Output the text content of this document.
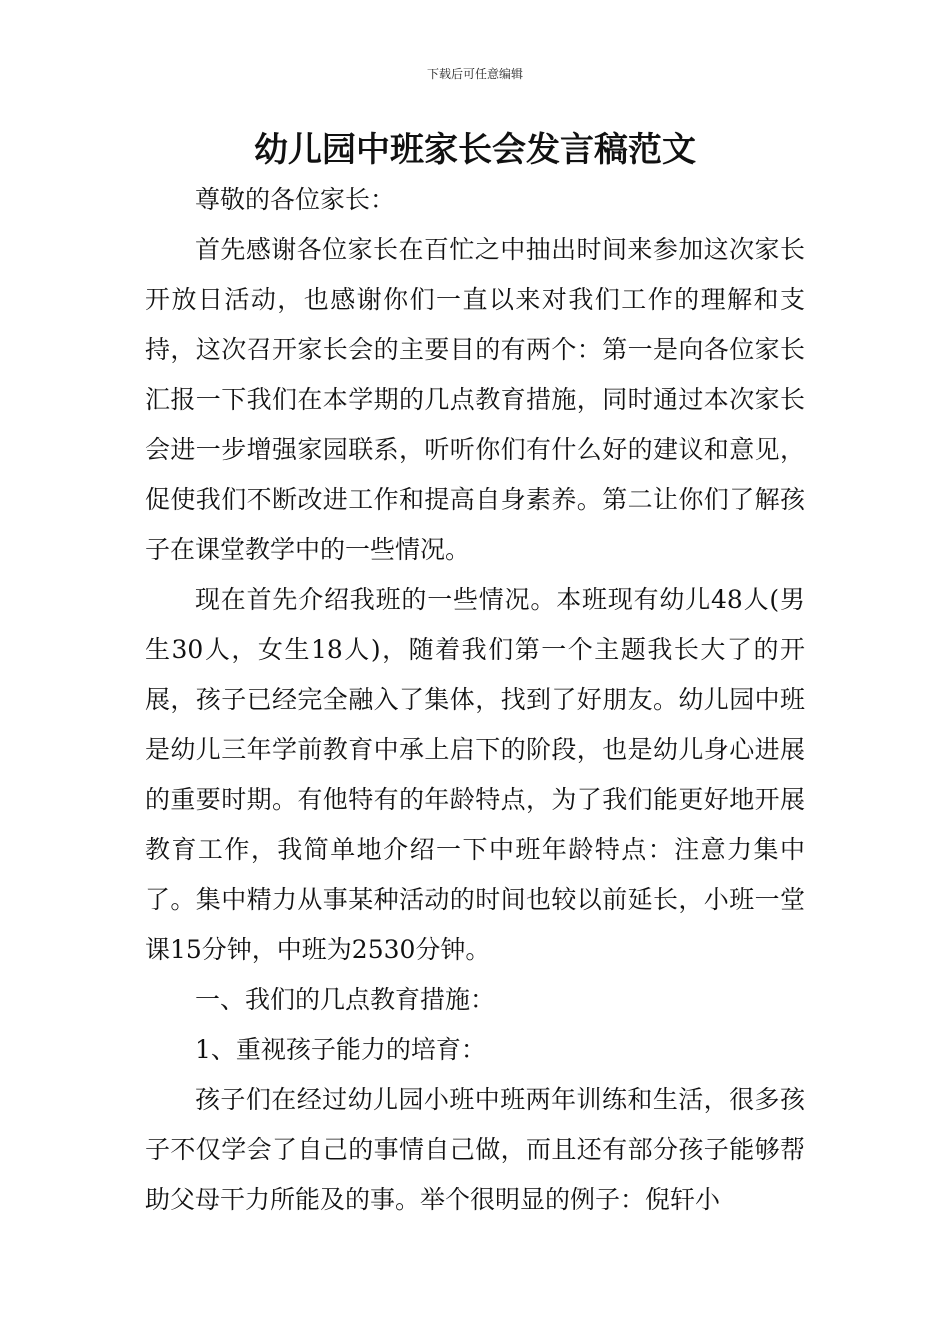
下载后可任意编辑
幼儿园中班家长会发言稿范文

尊敬的各位家长：

首先感谢各位家长在百忙之中抽出时间来参加这次家长开放日活动，也感谢你们一直以来对我们工作的理解和支持，这次召开家长会的主要目的有两个：第一是向各位家长汇报一下我们在本学期的几点教育措施，同时通过本次家长会进一步增强家园联系，听听你们有什么好的建议和意见，促使我们不断改进工作和提高自身素养。第二让你们了解孩子在课堂教学中的一些情况。

现在首先介绍我班的一些情况。本班现有幼儿48人(男生30人，女生18人)，随着我们第一个主题我长大了的开展，孩子已经完全融入了集体，找到了好朋友。幼儿园中班是幼儿三年学前教育中承上启下的阶段，也是幼儿身心进展的重要时期。有他特有的年龄特点，为了我们能更好地开展教育工作，我简单地介绍一下中班年龄特点：注意力集中了。集中精力从事某种活动的时间也较以前延长，小班一堂课15分钟，中班为2530分钟。

一、我们的几点教育措施：

1、重视孩子能力的培育：

孩子们在经过幼儿园小班中班两年训练和生活，很多孩子不仅学会了自己的事情自己做，而且还有部分孩子能够帮助父母干力所能及的事。举个很明显的例子：倪轩小
